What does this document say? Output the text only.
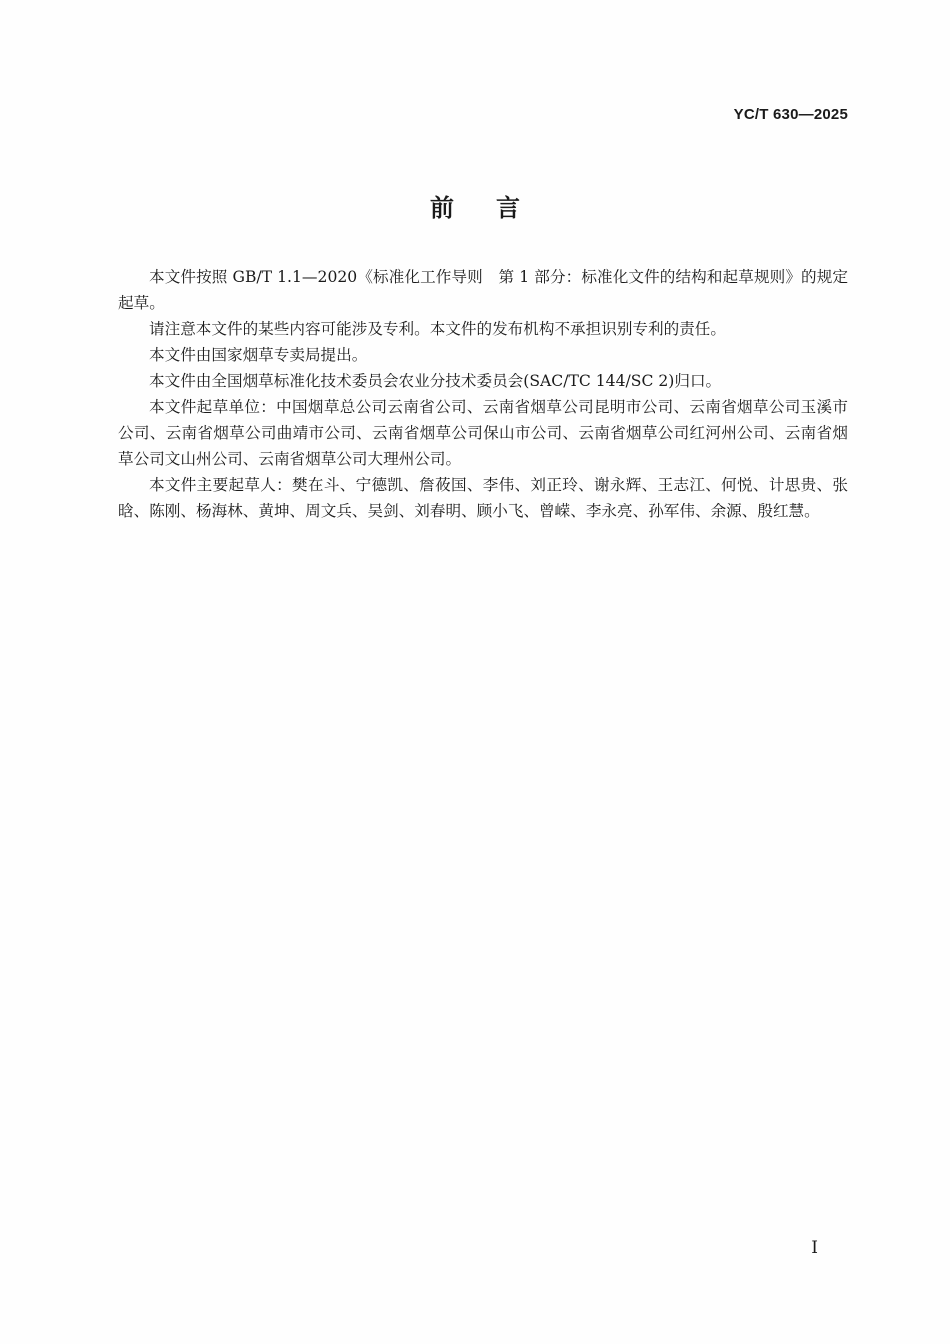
YC/T 630—2025
前言

本文件按照 GB/T 1.1—2020《标准化工作导则　第 1 部分：标准化文件的结构和起草规则》的规定起草。

请注意本文件的某些内容可能涉及专利。本文件的发布机构不承担识别专利的责任。

本文件由国家烟草专卖局提出。

本文件由全国烟草标准化技术委员会农业分技术委员会(SAC/TC 144/SC 2)归口。

本文件起草单位：中国烟草总公司云南省公司、云南省烟草公司昆明市公司、云南省烟草公司玉溪市公司、云南省烟草公司曲靖市公司、云南省烟草公司保山市公司、云南省烟草公司红河州公司、云南省烟草公司文山州公司、云南省烟草公司大理州公司。

本文件主要起草人：樊在斗、宁德凯、詹莜国、李伟、刘正玲、谢永辉、王志江、何悦、计思贵、张晗、陈刚、杨海林、黄坤、周文兵、吴剑、刘春明、顾小飞、曾嵘、李永亮、孙军伟、余源、殷红慧。

I
